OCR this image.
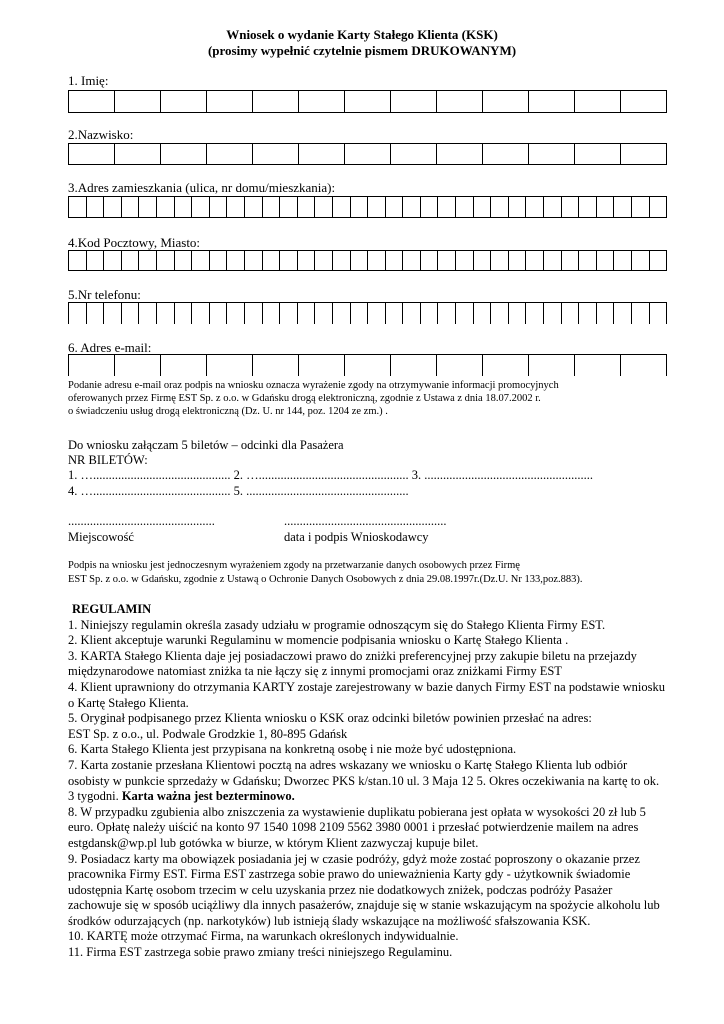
Wniosek o wydanie Karty Stałego Klienta (KSK)
(prosimy wypełnić czytelnie pismem DRUKOWANYM)
1. Imię:
2.Nazwisko:
3.Adres zamieszkania (ulica, nr domu/mieszkania):
4.Kod Pocztowy, Miasto:
5.Nr telefonu:
6. Adres e-mail:
Podanie adresu e-mail oraz podpis na wniosku oznacza wyrażenie zgody na otrzymywanie informacji promocyjnych
oferowanych przez Firmę EST Sp. z o.o. w Gdańsku drogą elektroniczną, zgodnie z Ustawa z dnia 18.07.2002 r.
o świadczeniu usług drogą elektroniczną (Dz. U. nr 144, poz. 1204 ze zm.) .
Do wniosku załączam 5 biletów – odcinki dla Pasażera
NR BILETÓW:
1. …............................................ 2. …................................................ 3. ......................................................
4. …............................................ 5. ....................................................
...............................................	....................................................
Miejscowość	data i podpis Wnioskodawcy
Podpis na wniosku jest jednoczesnym wyrażeniem zgody na przetwarzanie danych osobowych przez Firmę
EST Sp. z o.o. w Gdańsku, zgodnie z Ustawą o Ochronie Danych Osobowych z dnia 29.08.1997r.(Dz.U. Nr 133,poz.883).

REGULAMIN

1. Niniejszy regulamin określa zasady udziału w programie odnoszącym się do Stałego Klienta Firmy EST.

2. Klient akceptuje warunki Regulaminu w momencie podpisania wniosku o Kartę Stałego Klienta .

3. KARTA Stałego Klienta daje jej posiadaczowi prawo do zniżki preferencyjnej przy zakupie biletu na przejazdy międzynarodowe natomiast zniżka ta nie łączy się z innymi promocjami oraz zniżkami Firmy EST

4. Klient uprawniony do otrzymania KARTY zostaje zarejestrowany w bazie danych Firmy EST na podstawie wniosku o Kartę Stałego Klienta.

5. Oryginał podpisanego przez Klienta wniosku o KSK oraz odcinki biletów powinien przesłać na adres:

EST Sp. z o.o., ul. Podwale Grodzkie 1, 80-895 Gdańsk

6. Karta Stałego Klienta jest przypisana na konkretną osobę i nie może być udostępniona.

7. Karta zostanie przesłana Klientowi pocztą na adres wskazany we wniosku o Kartę Stałego Klienta lub odbiór osobisty w punkcie sprzedaży w Gdańsku; Dworzec PKS k/stan.10 ul. 3 Maja 12 5. Okres oczekiwania na kartę to ok. 3 tygodni. Karta ważna jest bezterminowo.

8. W przypadku zgubienia albo zniszczenia za wystawienie duplikatu pobierana jest opłata w wysokości 20 zł lub 5 euro. Opłatę należy uiścić na konto 97 1540 1098 2109 5562 3980 0001 i przesłać potwierdzenie mailem na adres estgdansk@wp.pl lub gotówka w biurze, w którym Klient zazwyczaj kupuje bilet.

9. Posiadacz karty ma obowiązek posiadania jej w czasie podróży, gdyż może zostać poproszony o okazanie przez pracownika Firmy EST. Firma EST zastrzega sobie prawo do unieważnienia Karty gdy - użytkownik świadomie udostępnia Kartę osobom trzecim w celu uzyskania przez nie dodatkowych zniżek, podczas podróży Pasażer zachowuje się w sposób uciążliwy dla innych pasażerów, znajduje się w stanie wskazującym na spożycie alkoholu lub środków odurzających (np. narkotyków) lub istnieją ślady wskazujące na możliwość sfałszowania KSK.

10. KARTĘ może otrzymać Firma, na warunkach określonych indywidualnie.

11. Firma EST zastrzega sobie prawo zmiany treści niniejszego Regulaminu.
